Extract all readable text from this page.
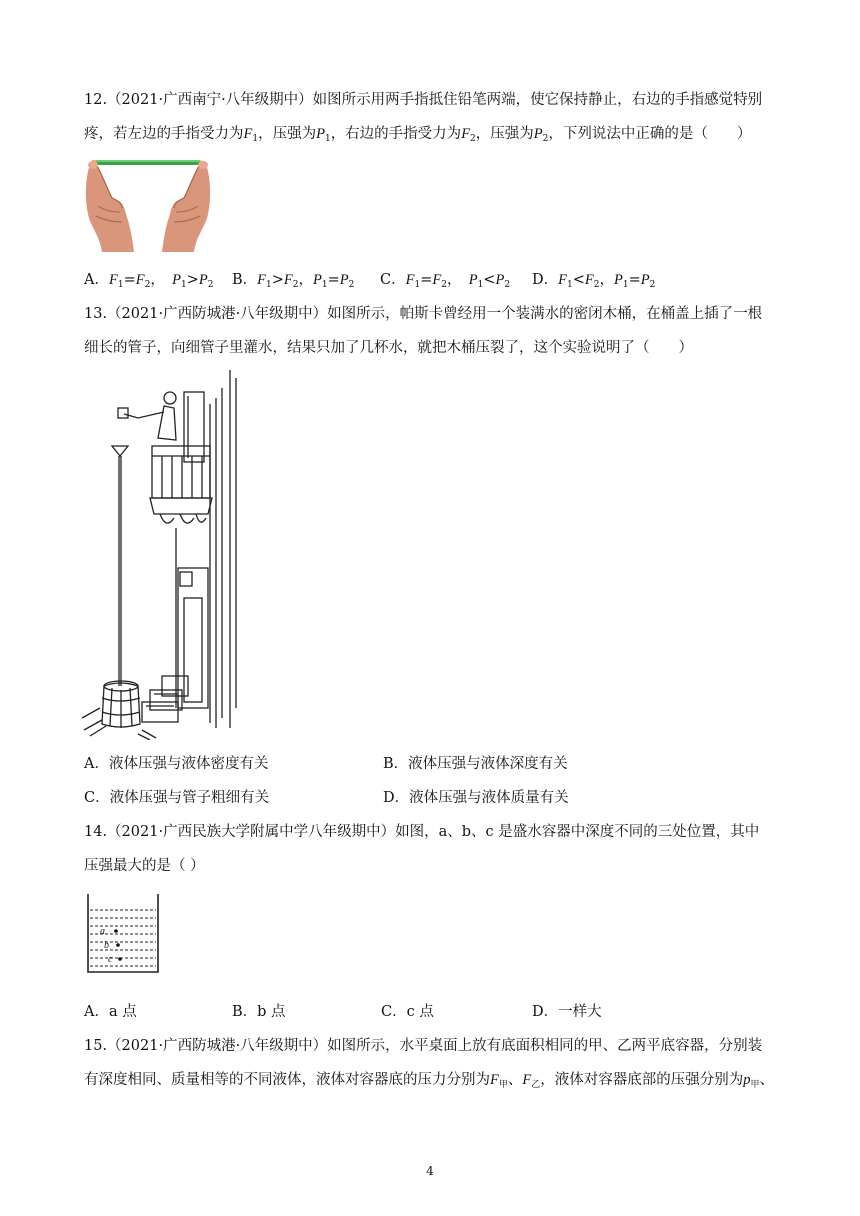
12.（2021·广西南宁·八年级期中）如图所示用两手指抵住铅笔两端，使它保持静止，右边的手指感觉特别
疼，若左边的手指受力为$F_1$，压强为$P_1$，右边的手指受力为$F_2$，压强为$P_2$，下列说法中正确的是（　　）
A．$F_1=F_2$，　$P_1>P_2$ B．$F_1>F_2$，$P_1=P_2$ C．$F_1=F_2$，　$P_1<P_2$ D．$F_1<F_2$，$P_1=P_2$
13.（2021·广西防城港·八年级期中）如图所示，帕斯卡曾经用一个装满水的密闭木桶，在桶盖上插了一根
细长的管子，向细管子里灌水，结果只加了几杯水，就把木桶压裂了，这个实验说明了（　　）
A．液体压强与液体密度有关	B．液体压强与液体深度有关
C．液体压强与管子粗细有关	D．液体压强与液体质量有关
14.（2021·广西民族大学附属中学八年级期中）如图，a、b、c 是盛水容器中深度不同的三处位置，其中
压强最大的是（ ）
a
b
c
A．a 点	B．b 点	C．c 点	D．一样大
15.（2021·广西防城港·八年级期中）如图所示，水平桌面上放有底面积相同的甲、乙两平底容器，分别装
有深度相同、质量相等的不同液体，液体对容器底的压力分别为$F_甲$、$F_乙$，液体对容器底部的压强分别为$p_甲$、
4
